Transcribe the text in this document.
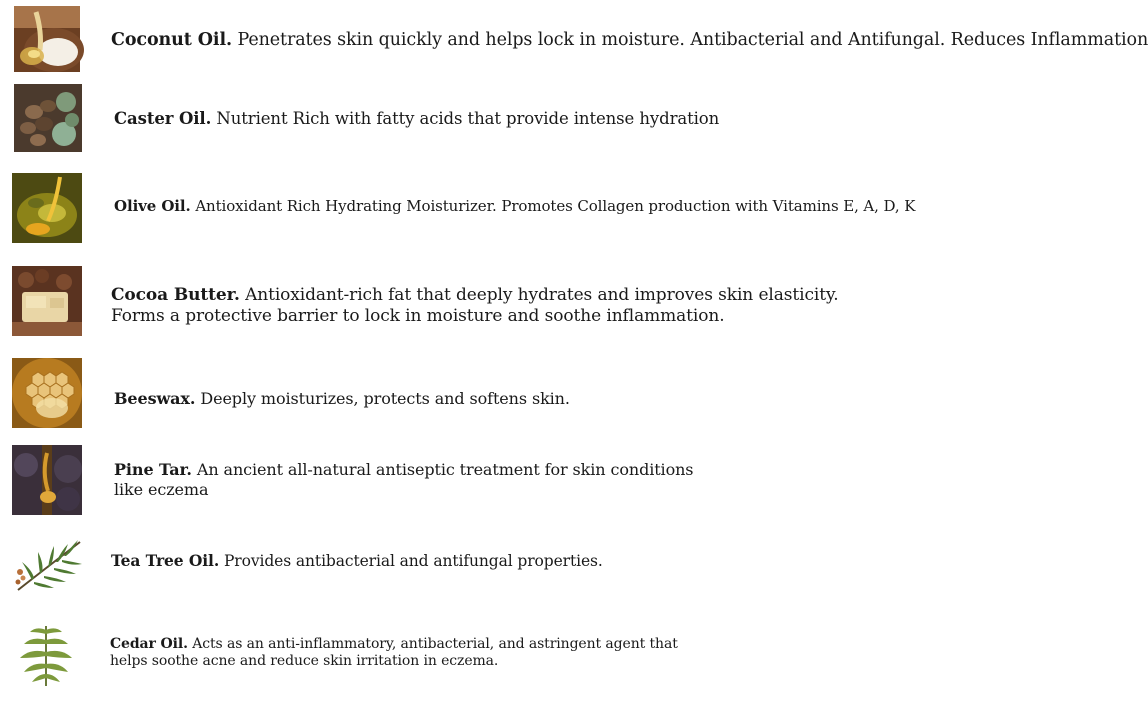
Coconut Oil. Penetrates skin quickly and helps lock in moisture. Antibacterial and Antifungal. Reduces Inflammation
Caster Oil. Nutrient Rich with fatty acids that provide intense hydration
Olive Oil. Antioxidant Rich Hydrating Moisturizer. Promotes Collagen production with Vitamins E, A, D, K
Cocoa Butter. Antioxidant-rich fat that deeply hydrates and improves skin elasticity. Forms a protective barrier to lock in moisture and soothe inflammation.
Beeswax. Deeply moisturizes, protects and softens skin.
Pine Tar. An ancient all-natural antiseptic treatment for skin conditions like eczema
Tea Tree Oil. Provides antibacterial and antifungal properties.
Cedar Oil. Acts as an anti-inflammatory, antibacterial, and astringent agent that helps soothe acne and reduce skin irritation in eczema.
